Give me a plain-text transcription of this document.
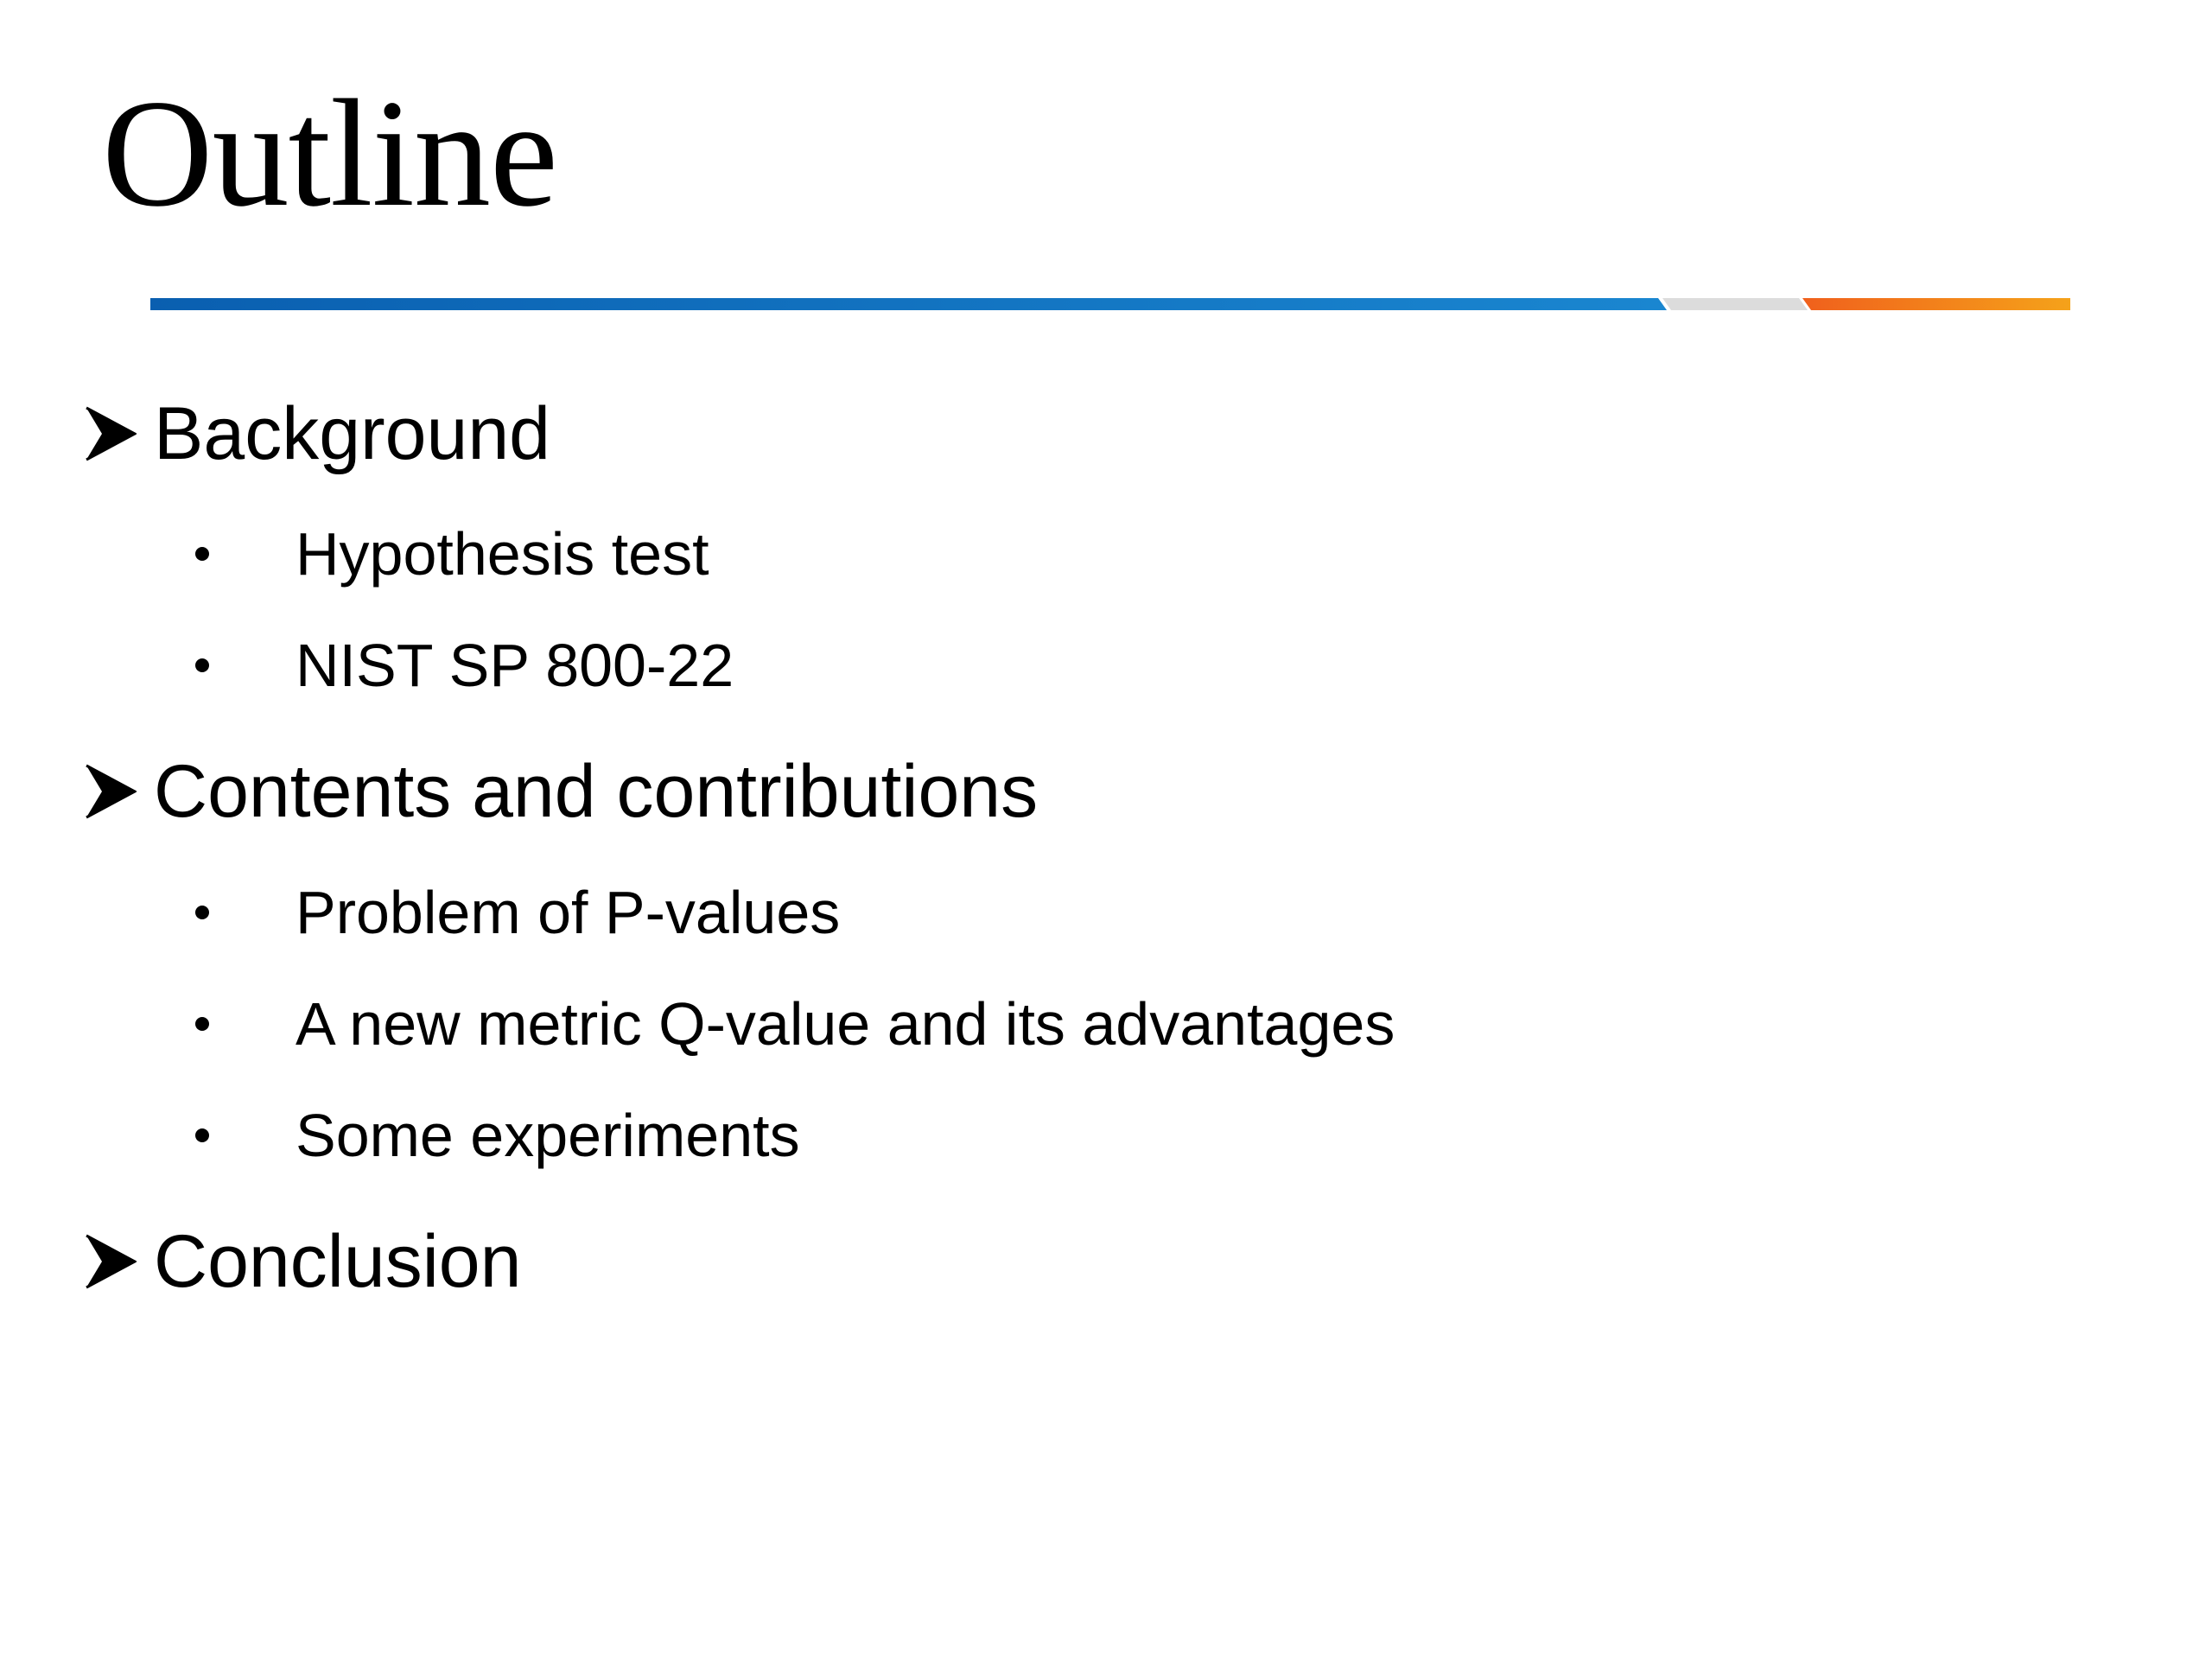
Outline
Background
Hypothesis test
NIST SP 800-22
Contents and contributions
Problem of P-values
A new metric Q-value and its advantages
Some experiments
Conclusion
